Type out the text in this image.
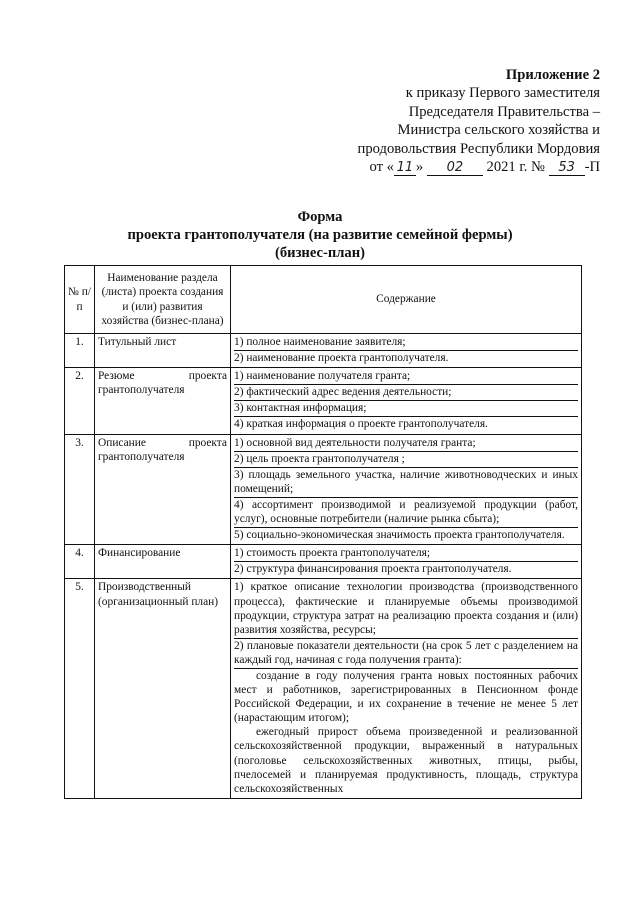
Приложение 2
к приказу Первого заместителя
Председателя Правительства –
Министра сельского хозяйства и
продовольствия Республики Мордовия
от « 11 » 02 2021 г. № 53 -П
Форма
проекта грантополучателя (на развитие семейной фермы)
(бизнес-план)
№ п/п	Наименование раздела (листа) проекта создания и (или) развития хозяйства (бизнес-плана)	Содержание
1.	Титульный лист	1) полное наименование заявителя;
2) наименование проекта грантополучателя.

2.	Резюме проекта грантополучателя	1) наименование получателя гранта;
2) фактический адрес ведения деятельности;
3) контактная информация;
4) краткая информация о проекте грантополучателя.

3.	Описание проекта грантополучателя	1) основной вид деятельности получателя гранта;
2) цель проекта грантополучателя ;
3) площадь земельного участка, наличие животноводческих и иных помещений;
4) ассортимент производимой и реализуемой продукции (работ, услуг), основные потребители (наличие рынка сбыта);
5) социально-экономическая значимость проекта грантополучателя.

4.	Финансирование	1) стоимость проекта грантополучателя;
2) структура финансирования проекта грантополучателя.

5.	Производственный (организационный план)	1) краткое описание технологии производства (производственного процесса), фактические и планируемые объемы производимой продукции, структура затрат на реализацию проекта создания и (или) развития хозяйства, ресурсы;
2) плановые показатели деятельности (на срок 5 лет с разделением на каждый год, начиная с года получения гранта):
создание в году получения гранта новых постоянных рабочих мест и работников, зарегистрированных в Пенсионном фонде Российской Федерации, и их сохранение в течение не менее 5 лет (нарастающим итогом);
ежегодный прирост объема произведенной и реализованной сельскохозяйственной продукции, выраженный в натуральных (поголовье сельскохозяйственных животных, птицы, рыбы, пчелосемей и планируемая продуктивность, площадь, структура сельскохозяйственных
